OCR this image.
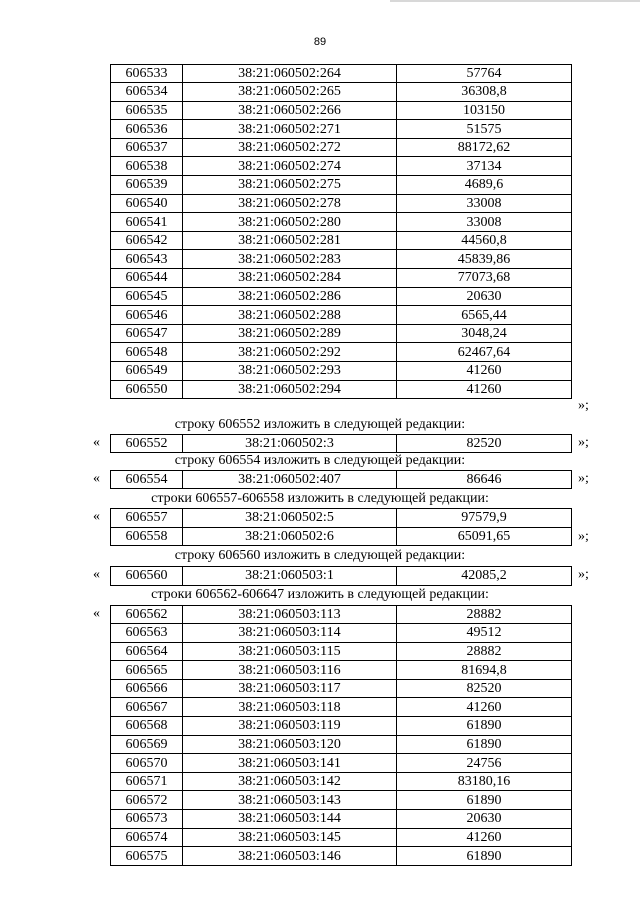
89
606533	38:21:060502:264	57764
606534	38:21:060502:265	36308,8
606535	38:21:060502:266	103150
606536	38:21:060502:271	51575
606537	38:21:060502:272	88172,62
606538	38:21:060502:274	37134
606539	38:21:060502:275	4689,6
606540	38:21:060502:278	33008
606541	38:21:060502:280	33008
606542	38:21:060502:281	44560,8
606543	38:21:060502:283	45839,86
606544	38:21:060502:284	77073,68
606545	38:21:060502:286	20630
606546	38:21:060502:288	6565,44
606547	38:21:060502:289	3048,24
606548	38:21:060502:292	62467,64
606549	38:21:060502:293	41260
606550	38:21:060502:294	41260
»;
строку 606552 изложить в следующей редакции:
606552	38:21:060502:3	82520
«	»;
строку 606554 изложить в следующей редакции:
606554	38:21:060502:407	86646
«	»;
строки 606557-606558 изложить в следующей редакции:
606557	38:21:060502:5	97579,9
606558	38:21:060502:6	65091,65
«
»;
строку 606560 изложить в следующей редакции:
606560	38:21:060503:1	42085,2
«	»;
строки 606562-606647 изложить в следующей редакции:
606562	38:21:060503:113	28882
606563	38:21:060503:114	49512
606564	38:21:060503:115	28882
606565	38:21:060503:116	81694,8
606566	38:21:060503:117	82520
606567	38:21:060503:118	41260
606568	38:21:060503:119	61890
606569	38:21:060503:120	61890
606570	38:21:060503:141	24756
606571	38:21:060503:142	83180,16
606572	38:21:060503:143	61890
606573	38:21:060503:144	20630
606574	38:21:060503:145	41260
606575	38:21:060503:146	61890
«
